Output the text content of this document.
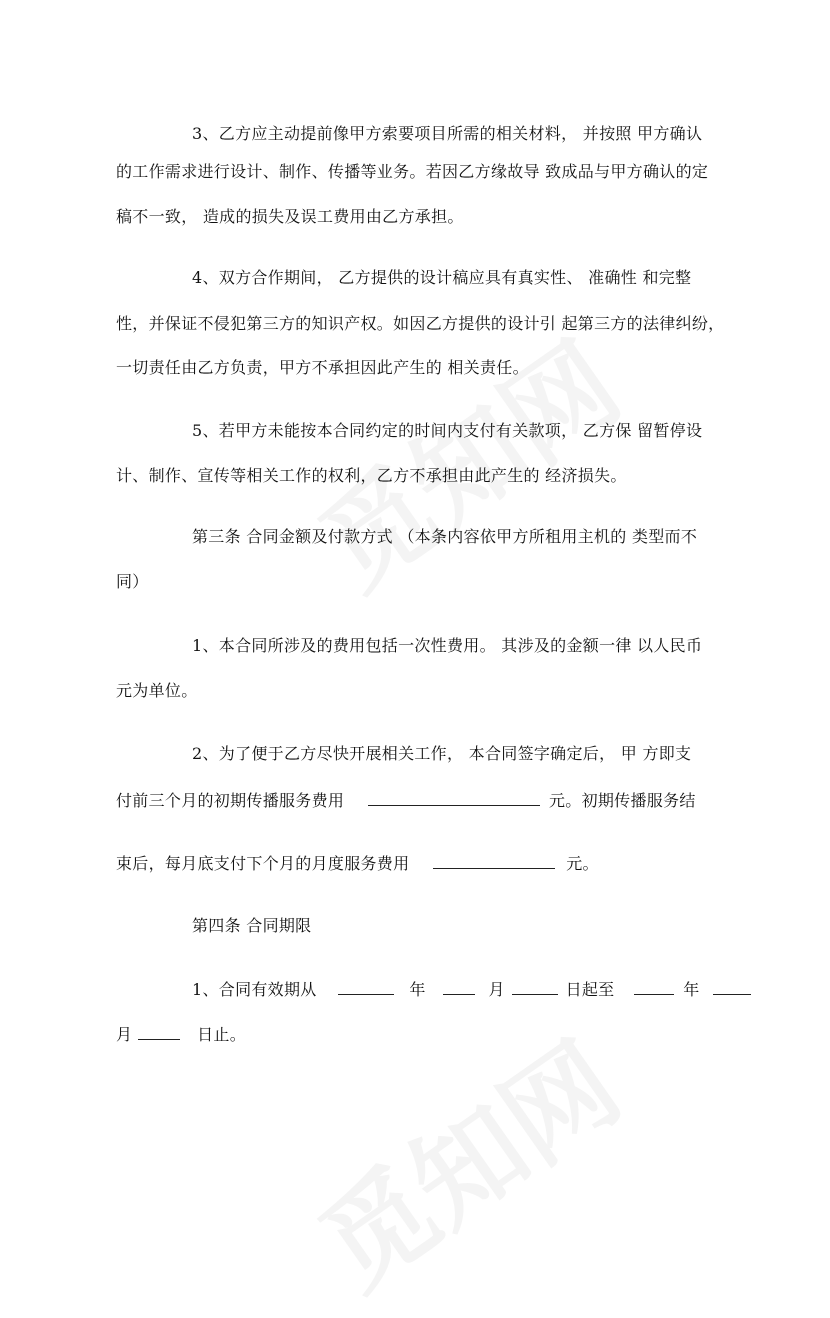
3、乙方应主动提前像甲方索要项目所需的相关材料， 并按照 甲方确认
的工作需求进行设计、制作、传播等业务。若因乙方缘故导 致成品与甲方确认的定
稿不一致， 造成的损失及误工费用由乙方承担。
4、双方合作期间， 乙方提供的设计稿应具有真实性、 准确性 和完整
性，并保证不侵犯第三方的知识产权。如因乙方提供的设计引 起第三方的法律纠纷，
一切责任由乙方负责，甲方不承担因此产生的 相关责任。
5、若甲方未能按本合同约定的时间内支付有关款项， 乙方保 留暂停设
计、制作、宣传等相关工作的权利，乙方不承担由此产生的 经济损失。
第三条 合同金额及付款方式 （本条内容依甲方所租用主机的 类型而不
同）
1、本合同所涉及的费用包括一次性费用。 其涉及的金额一律 以人民币
元为单位。
2、为了便于乙方尽快开展相关工作， 本合同签字确定后， 甲 方即支
付前三个月的初期传播服务费用	元。初期传播服务结
束后，每月底支付下个月的月度服务费用	元。
第四条 合同期限
1、合同有效期从	年	月	日起至	年
月	日止。
